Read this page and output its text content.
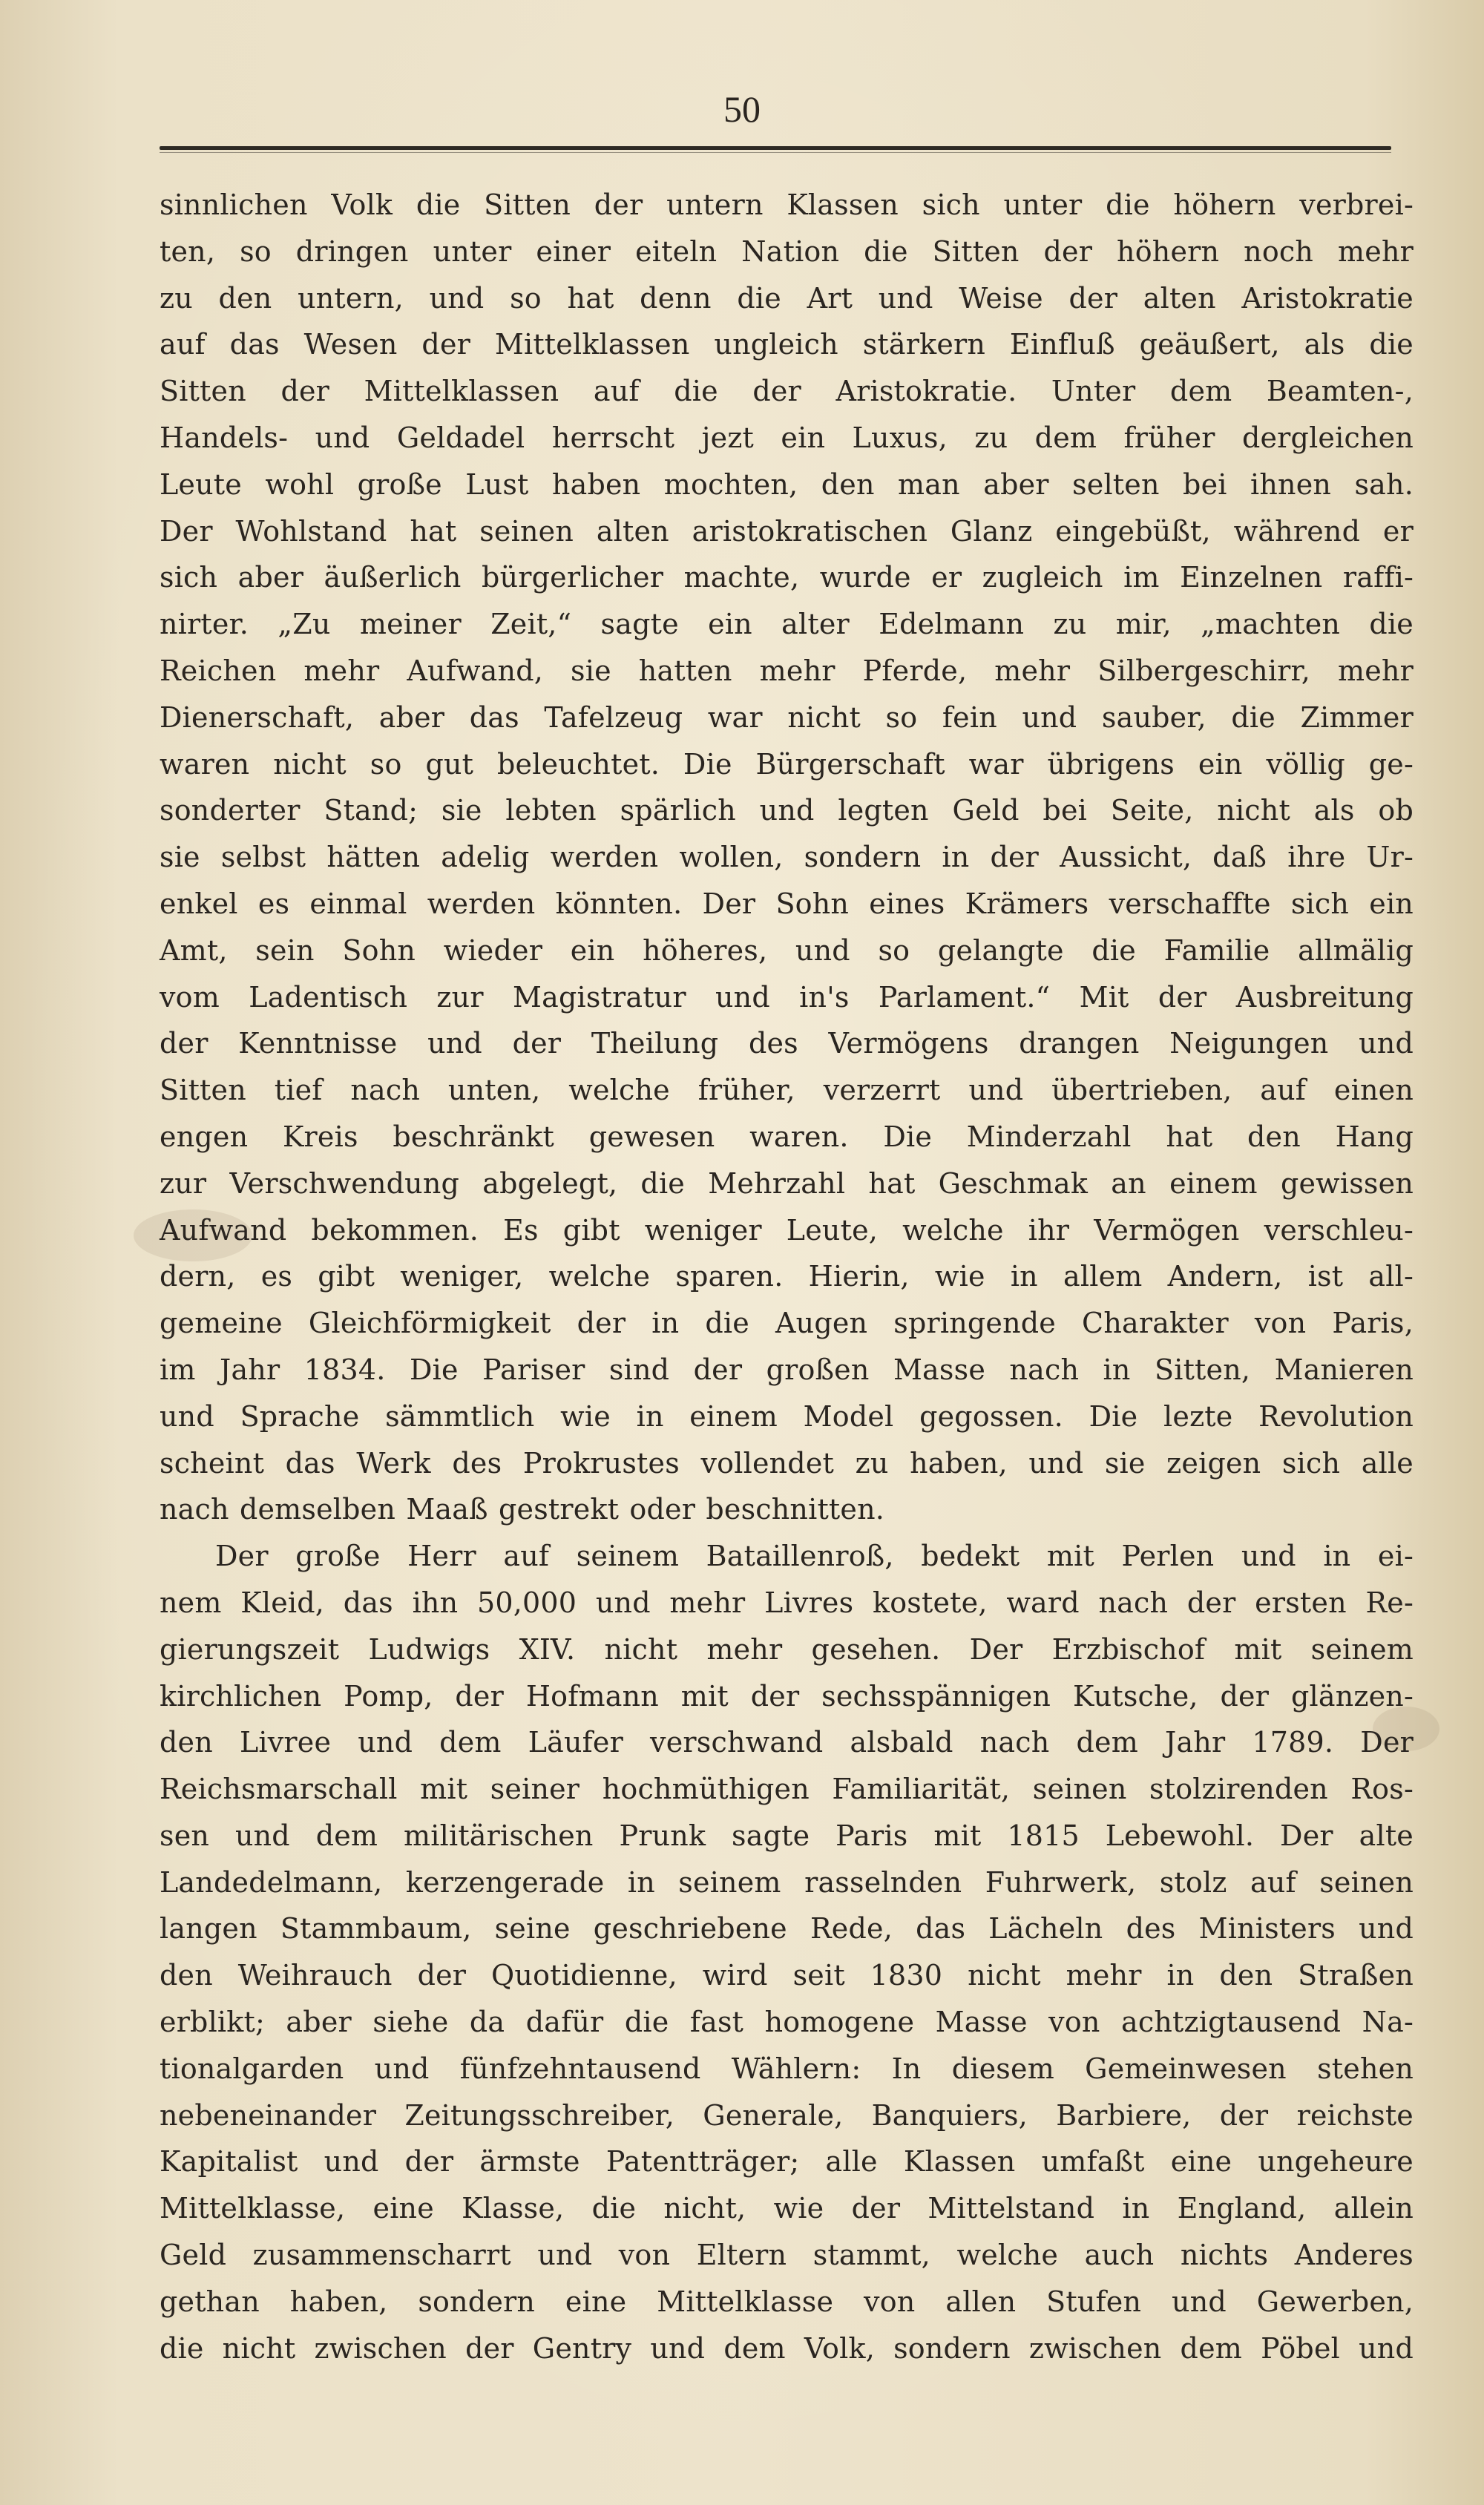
50
sinnlichen Volk die Sitten der untern Klassen sich unter die höhern verbrei-
ten, so dringen unter einer eiteln Nation die Sitten der höhern noch mehr
zu den untern, und so hat denn die Art und Weise der alten Aristokratie
auf das Wesen der Mittelklassen ungleich stärkern Einfluß geäußert, als die
Sitten der Mittelklassen auf die der Aristokratie. Unter dem Beamten-,
Handels- und Geldadel herrscht jezt ein Luxus, zu dem früher dergleichen
Leute wohl große Lust haben mochten, den man aber selten bei ihnen sah.
Der Wohlstand hat seinen alten aristokratischen Glanz eingebüßt, während er
sich aber äußerlich bürgerlicher machte, wurde er zugleich im Einzelnen raffi-
nirter. „Zu meiner Zeit,“ sagte ein alter Edelmann zu mir, „machten die
Reichen mehr Aufwand, sie hatten mehr Pferde, mehr Silbergeschirr, mehr
Dienerschaft, aber das Tafelzeug war nicht so fein und sauber, die Zimmer
waren nicht so gut beleuchtet. Die Bürgerschaft war übrigens ein völlig ge-
sonderter Stand; sie lebten spärlich und legten Geld bei Seite, nicht als ob
sie selbst hätten adelig werden wollen, sondern in der Aussicht, daß ihre Ur-
enkel es einmal werden könnten. Der Sohn eines Krämers verschaffte sich ein
Amt, sein Sohn wieder ein höheres, und so gelangte die Familie allmälig
vom Ladentisch zur Magistratur und in's Parlament.“ Mit der Ausbreitung
der Kenntnisse und der Theilung des Vermögens drangen Neigungen und
Sitten tief nach unten, welche früher, verzerrt und übertrieben, auf einen
engen Kreis beschränkt gewesen waren. Die Minderzahl hat den Hang
zur Verschwendung abgelegt, die Mehrzahl hat Geschmak an einem gewissen
Aufwand bekommen. Es gibt weniger Leute, welche ihr Vermögen verschleu-
dern, es gibt weniger, welche sparen. Hierin, wie in allem Andern, ist all-
gemeine Gleichförmigkeit der in die Augen springende Charakter von Paris,
im Jahr 1834. Die Pariser sind der großen Masse nach in Sitten, Manieren
und Sprache sämmtlich wie in einem Model gegossen. Die lezte Revolution
scheint das Werk des Prokrustes vollendet zu haben, und sie zeigen sich alle
nach demselben Maaß gestrekt oder beschnitten.
Der große Herr auf seinem Bataillenroß, bedekt mit Perlen und in ei-
nem Kleid, das ihn 50,000 und mehr Livres kostete, ward nach der ersten Re-
gierungszeit Ludwigs XIV. nicht mehr gesehen. Der Erzbischof mit seinem
kirchlichen Pomp, der Hofmann mit der sechsspännigen Kutsche, der glänzen-
den Livree und dem Läufer verschwand alsbald nach dem Jahr 1789. Der
Reichsmarschall mit seiner hochmüthigen Familiarität, seinen stolzirenden Ros-
sen und dem militärischen Prunk sagte Paris mit 1815 Lebewohl. Der alte
Landedelmann, kerzengerade in seinem rasselnden Fuhrwerk, stolz auf seinen
langen Stammbaum, seine geschriebene Rede, das Lächeln des Ministers und
den Weihrauch der Quotidienne, wird seit 1830 nicht mehr in den Straßen
erblikt; aber siehe da dafür die fast homogene Masse von achtzigtausend Na-
tionalgarden und fünfzehntausend Wählern: In diesem Gemeinwesen stehen
nebeneinander Zeitungsschreiber, Generale, Banquiers, Barbiere, der reichste
Kapitalist und der ärmste Patentträger; alle Klassen umfaßt eine ungeheure
Mittelklasse, eine Klasse, die nicht, wie der Mittelstand in England, allein
Geld zusammenscharrt und von Eltern stammt, welche auch nichts Anderes
gethan haben, sondern eine Mittelklasse von allen Stufen und Gewerben,
die nicht zwischen der Gentry und dem Volk, sondern zwischen dem Pöbel und
